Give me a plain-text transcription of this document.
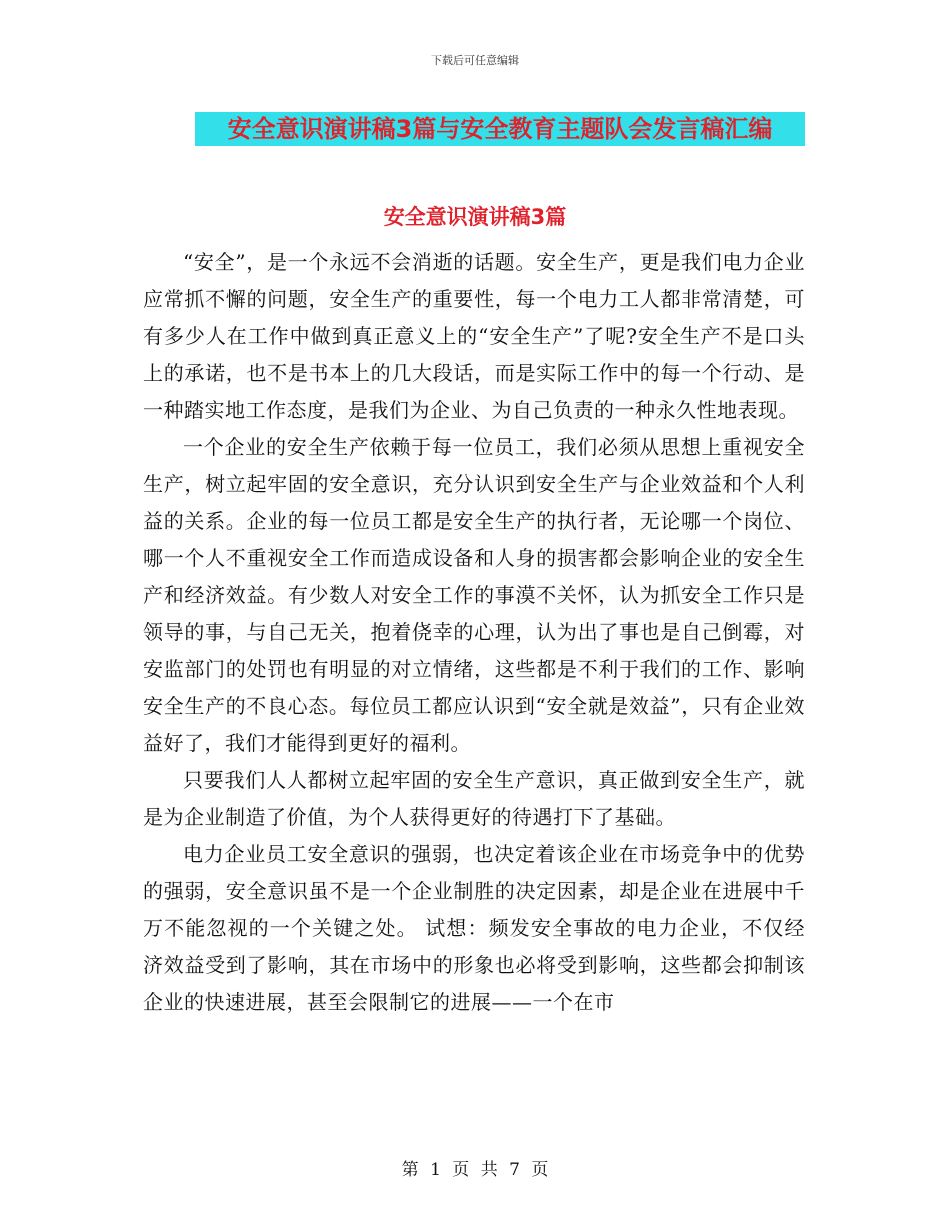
下载后可任意编辑
安全意识演讲稿3篇与安全教育主题队会发言稿汇编
安全意识演讲稿3篇

“安全”，是一个永远不会消逝的话题。安全生产，更是我们电力企业应常抓不懈的问题，安全生产的重要性，每一个电力工人都非常清楚，可有多少人在工作中做到真正意义上的“安全生产”了呢?安全生产不是口头上的承诺，也不是书本上的几大段话，而是实际工作中的每一个行动、是一种踏实地工作态度，是我们为企业、为自己负责的一种永久性地表现。

一个企业的安全生产依赖于每一位员工，我们必须从思想上重视安全生产，树立起牢固的安全意识，充分认识到安全生产与企业效益和个人利益的关系。企业的每一位员工都是安全生产的执行者，无论哪一个岗位、哪一个人不重视安全工作而造成设备和人身的损害都会影响企业的安全生产和经济效益。有少数人对安全工作的事漠不关怀，认为抓安全工作只是领导的事，与自己无关，抱着侥幸的心理，认为出了事也是自己倒霉，对安监部门的处罚也有明显的对立情绪，这些都是不利于我们的工作、影响安全生产的不良心态。每位员工都应认识到“安全就是效益”，只有企业效益好了，我们才能得到更好的福利。

只要我们人人都树立起牢固的安全生产意识，真正做到安全生产，就是为企业制造了价值，为个人获得更好的待遇打下了基础。

电力企业员工安全意识的强弱，也决定着该企业在市场竞争中的优势的强弱，安全意识虽不是一个企业制胜的决定因素，却是企业在进展中千万不能忽视的一个关键之处。 试想：频发安全事故的电力企业，不仅经济效益受到了影响，其在市场中的形象也必将受到影响，这些都会抑制该企业的快速进展，甚至会限制它的进展——一个在市

第 1 页 共 7 页
